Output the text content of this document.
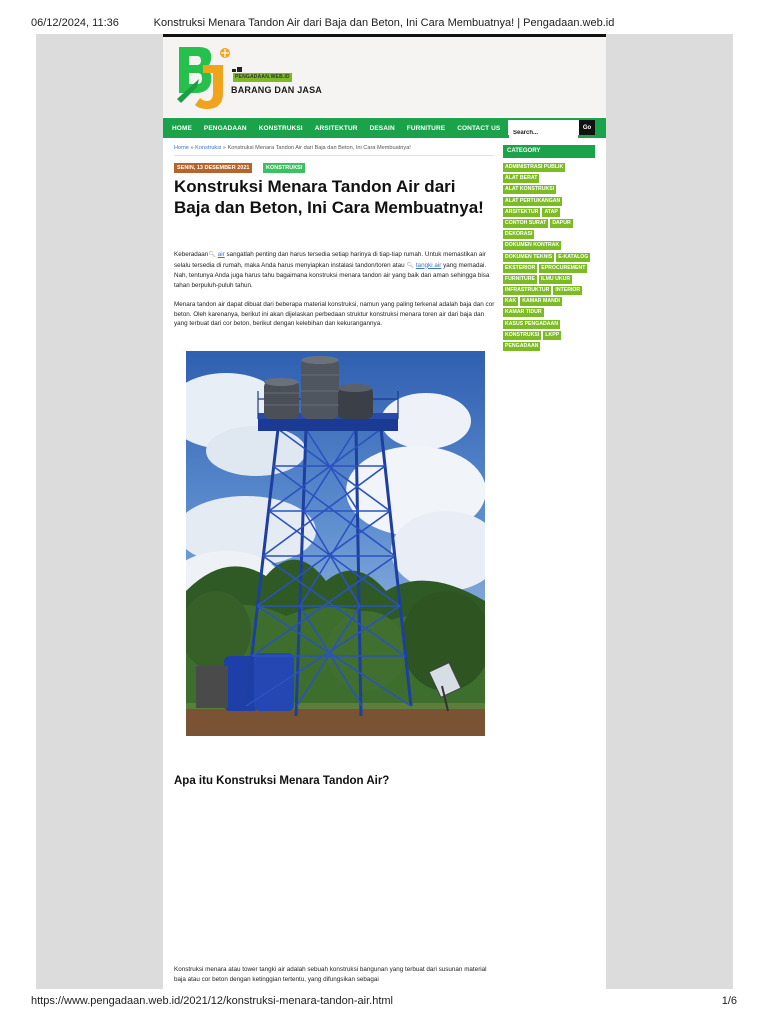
06/12/2024, 11:36	Konstruksi Menara Tandon Air dari Baja dan Beton, Ini Cara Membuatnya! | Pengadaan.web.id
PENGADAAN.WEB.ID
BARANG DAN JASA
HOME PENGADAAN KONSTRUKSI ARSITEKTUR DESAIN FURNITURE CONTACT US
Search...	Go
Home » Konstruksi » Konstruksi Menara Tandon Air dari Baja dan Beton, Ini Cara Membuatnya!
SENIN, 13 DESEMBER 2021	KONSTRUKSI
Konstruksi Menara Tandon Air dari Baja dan Beton, Ini Cara Membuatnya!

Keberadaan🔍︎ air sangatlah penting dan harus tersedia setiap harinya di tiap-tiap rumah. Untuk memastikan air selalu tersedia di rumah, maka Anda harus menyiapkan instalasi tandon/toren atau 🔍︎ tangki air yang memadai. Nah, tentunya Anda juga harus tahu bagaimana konstruksi menara tandon air yang baik dan aman sehingga bisa tahan berpuluh-puluh tahun.

Menara tandon air dapat dibuat dari beberapa material konstruksi, namun yang paling terkenal adalah baja dan cor beton. Oleh karenanya, berikut ini akan dijelaskan perbedaan struktur konstruksi menara toren air dari baja dan yang terbuat dari cor beton, berikut dengan kelebihan dan kekurangannya.

Apa itu Konstruksi Menara Tandon Air?

Konstruksi menara atau tower tangki air adalah sebuah konstruksi bangunan yang terbuat dari susunan material baja atau cor beton dengan ketinggian tertentu, yang difungsikan sebagai

CATEGORY
ADMINISTRASI PUBLIK
ALAT BERAT
ALAT KONSTRUKSI
ALAT PERTUKANGAN
ARSITEKTUR	ATAP
CONTOH SURAT	DAPUR
DEKORASI
DOKUMEN KONTRAK
DOKUMEN TEKNIS	E-KATALOG
EKSTERIOR	EPROCUREMENT
FURNITURE	ILMU UKUR
INFRASTRUKTUR	INTERIOR
KAK	KAMAR MANDI
KAMAR TIDUR
KASUS PENGADAAN
KONSTRUKSI	LKPP
PENGADAAN
https://www.pengadaan.web.id/2021/12/konstruksi-menara-tandon-air.html	1/6
